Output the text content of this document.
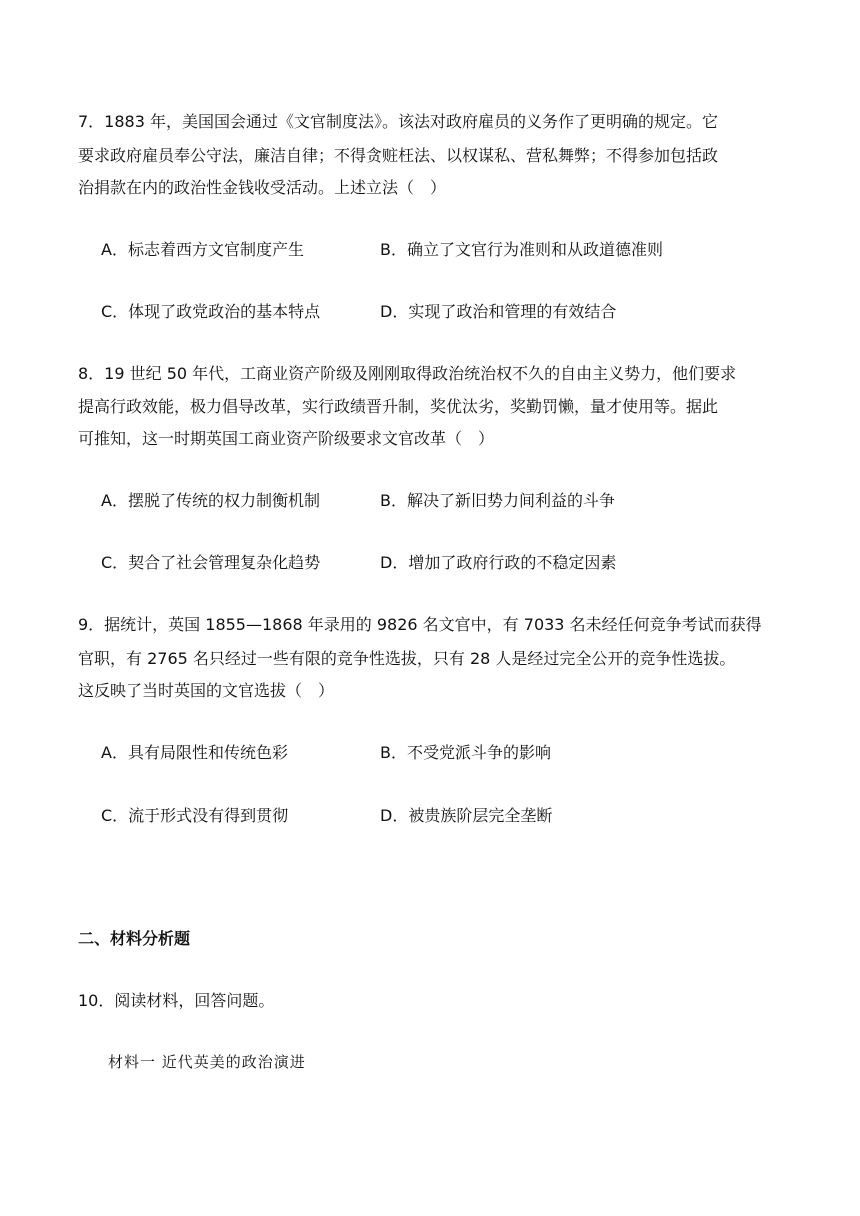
7．1883 年，美国国会通过《文官制度法》。该法对政府雇员的义务作了更明确的规定。它
要求政府雇员奉公守法，廉洁自律；不得贪赃枉法、以权谋私、营私舞弊；不得参加包括政
治捐款在内的政治性金钱收受活动。上述立法（　）
A．标志着西方文官制度产生	B．确立了文官行为准则和从政道德准则
C．体现了政党政治的基本特点	D．实现了政治和管理的有效结合
8．19 世纪 50 年代，工商业资产阶级及刚刚取得政治统治权不久的自由主义势力，他们要求
提高行政效能，极力倡导改革，实行政绩晋升制，奖优汰劣，奖勤罚懒，量才使用等。据此
可推知，这一时期英国工商业资产阶级要求文官改革（　）
A．摆脱了传统的权力制衡机制	B．解决了新旧势力间利益的斗争
C．契合了社会管理复杂化趋势	D．增加了政府行政的不稳定因素
9．据统计，英国 1855—1868 年录用的 9826 名文官中，有 7033 名未经任何竞争考试而获得
官职，有 2765 名只经过一些有限的竞争性选拔，只有 28 人是经过完全公开的竞争性选拔。
这反映了当时英国的文官选拔（　）
A．具有局限性和传统色彩	B．不受党派斗争的影响
C．流于形式没有得到贯彻	D．被贵族阶层完全垄断
二、材料分析题
10．阅读材料，回答问题。
材料一 近代英美的政治演进
